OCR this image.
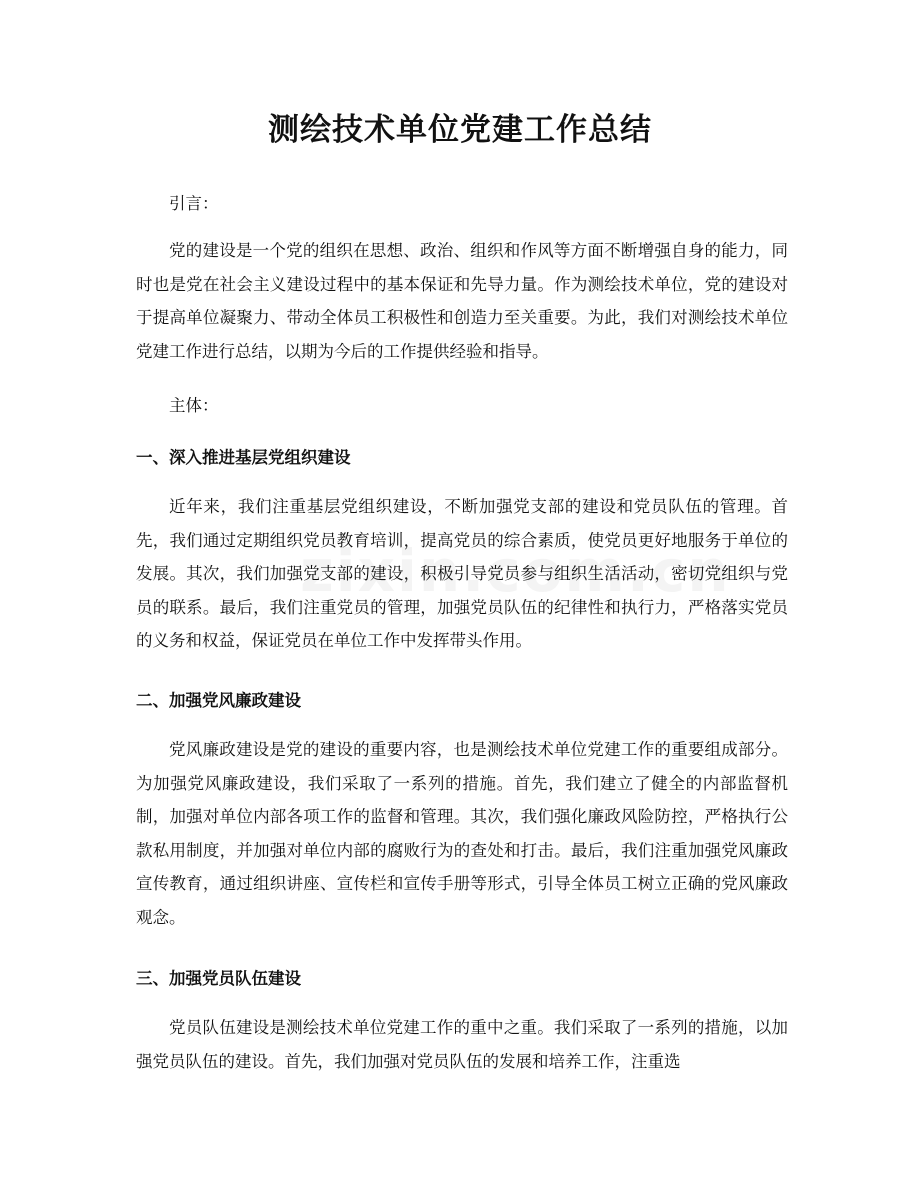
测绘技术单位党建工作总结

引言：

党的建设是一个党的组织在思想、政治、组织和作风等方面不断增强自身的能力，同时也是党在社会主义建设过程中的基本保证和先导力量。作为测绘技术单位，党的建设对于提高单位凝聚力、带动全体员工积极性和创造力至关重要。为此，我们对测绘技术单位党建工作进行总结，以期为今后的工作提供经验和指导。

主体：

一、深入推进基层党组织建设

近年来，我们注重基层党组织建设，不断加强党支部的建设和党员队伍的管理。首先，我们通过定期组织党员教育培训，提高党员的综合素质，使党员更好地服务于单位的发展。其次，我们加强党支部的建设，积极引导党员参与组织生活活动，密切党组织与党员的联系。最后，我们注重党员的管理，加强党员队伍的纪律性和执行力，严格落实党员的义务和权益，保证党员在单位工作中发挥带头作用。

二、加强党风廉政建设

党风廉政建设是党的建设的重要内容，也是测绘技术单位党建工作的重要组成部分。为加强党风廉政建设，我们采取了一系列的措施。首先，我们建立了健全的内部监督机制，加强对单位内部各项工作的监督和管理。其次，我们强化廉政风险防控，严格执行公款私用制度，并加强对单位内部的腐败行为的查处和打击。最后，我们注重加强党风廉政宣传教育，通过组织讲座、宣传栏和宣传手册等形式，引导全体员工树立正确的党风廉政观念。

三、加强党员队伍建设

党员队伍建设是测绘技术单位党建工作的重中之重。我们采取了一系列的措施，以加强党员队伍的建设。首先，我们加强对党员队伍的发展和培养工作，注重选
